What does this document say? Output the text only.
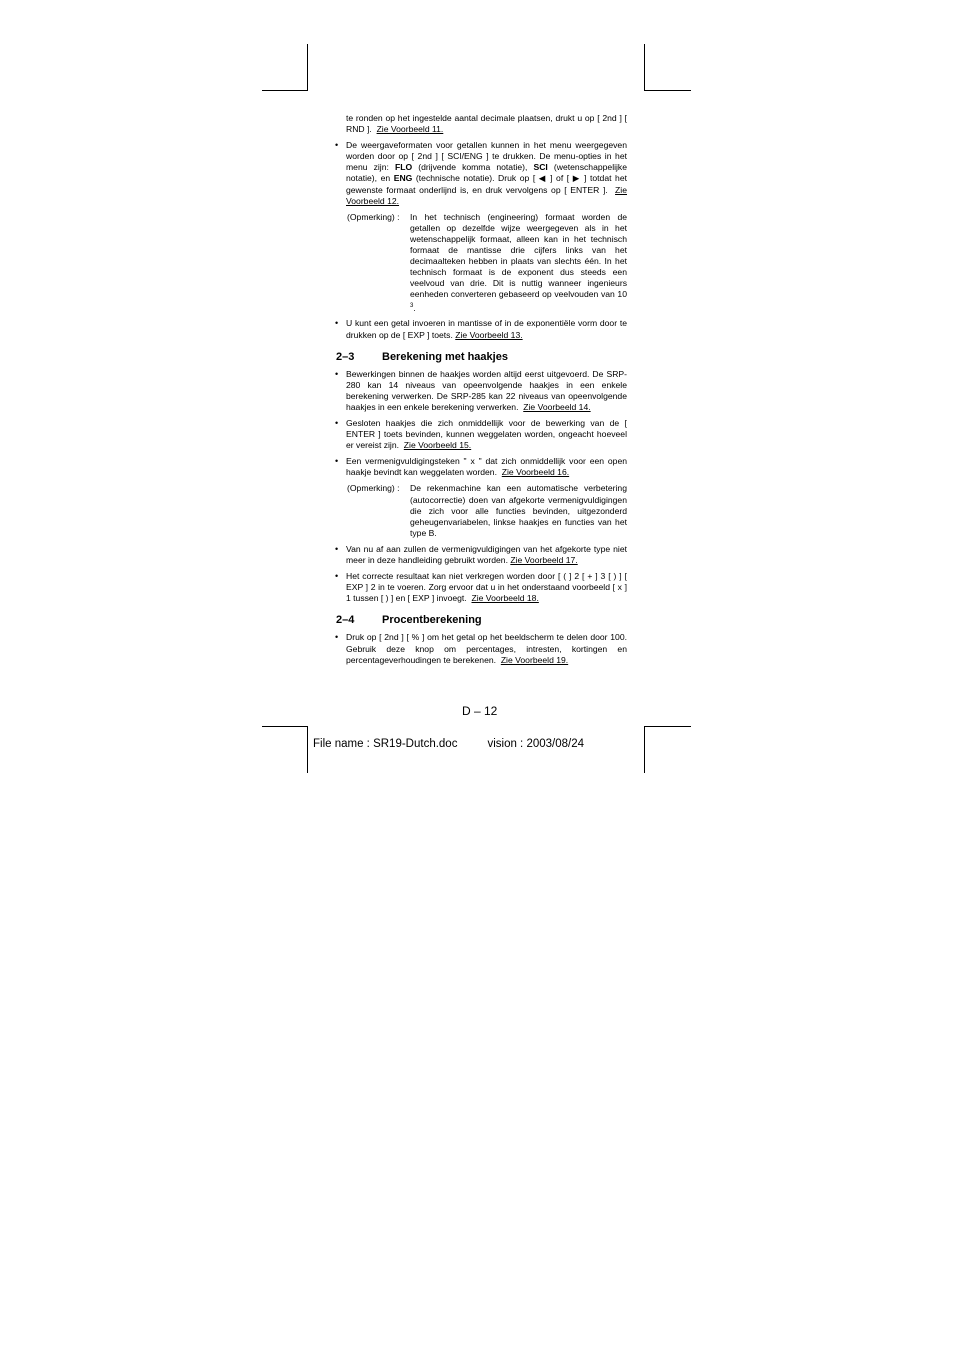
te ronden op het ingestelde aantal decimale plaatsen, drukt u op [ 2nd ] [ RND ]. Zie Voorbeeld 11.

• De weergaveformaten voor getallen kunnen in het menu weergegeven worden door op [ 2nd ] [ SCI/ENG ] te drukken. De menu-opties in het menu zijn: FLO (drijvende komma notatie), SCI (wetenschappelijke notatie), en ENG (technische notatie). Druk op [ ◀ ] of [ ▶ ] totdat het gewenste formaat onderlijnd is, en druk vervolgens op [ ENTER ]. Zie Voorbeeld 12.
(Opmerking) : In het technisch (engineering) formaat worden de getallen op dezelfde wijze weergegeven als in het wetenschappelijk formaat, alleen kan in het technisch formaat de mantisse drie cijfers links van het decimaalteken hebben in plaats van slechts één. In het technisch formaat is de exponent dus steeds een veelvoud van drie. Dit is nuttig wanneer ingenieurs eenheden converteren gebaseerd op veelvouden van 10 $^3$.
• U kunt een getal invoeren in mantisse of in de exponentiële vorm door te drukken op de [ EXP ] toets. Zie Voorbeeld 13.
2–3	Berekening met haakjes
• Bewerkingen binnen de haakjes worden altijd eerst uitgevoerd. De SRP-280 kan 14 niveaus van opeenvolgende haakjes in een enkele berekening verwerken. De SRP-285 kan 22 niveaus van opeenvolgende haakjes in een enkele berekening verwerken. Zie Voorbeeld 14.
• Gesloten haakjes die zich onmiddellijk voor de bewerking van de [ ENTER ] toets bevinden, kunnen weggelaten worden, ongeacht hoeveel er vereist zijn. Zie Voorbeeld 15.
• Een vermenigvuldigingsteken " x " dat zich onmiddellijk voor een open haakje bevindt kan weggelaten worden. Zie Voorbeeld 16.
(Opmerking) : De rekenmachine kan een automatische verbetering (autocorrectie) doen van afgekorte vermenigvuldigingen die zich voor alle functies bevinden, uitgezonderd geheugenvariabelen, linkse haakjes en functies van het type B.
• Van nu af aan zullen de vermenigvuldigingen van het afgekorte type niet meer in deze handleiding gebruikt worden. Zie Voorbeeld 17.
• Het correcte resultaat kan niet verkregen worden door [ ( ] 2 [ + ] 3 [ ) ] [ EXP ] 2 in te voeren. Zorg ervoor dat u in het onderstaand voorbeeld [ x ] 1 tussen [ ) ] en [ EXP ] invoegt. Zie Voorbeeld 18.
2–4	Procentberekening
• Druk op [ 2nd ] [ % ] om het getal op het beeldscherm te delen door 100. Gebruik deze knop om percentages, intresten, kortingen en percentageverhoudingen te berekenen. Zie Voorbeeld 19.
D – 12
File name : SR19-Dutch.doc	vision : 2003/08/24
